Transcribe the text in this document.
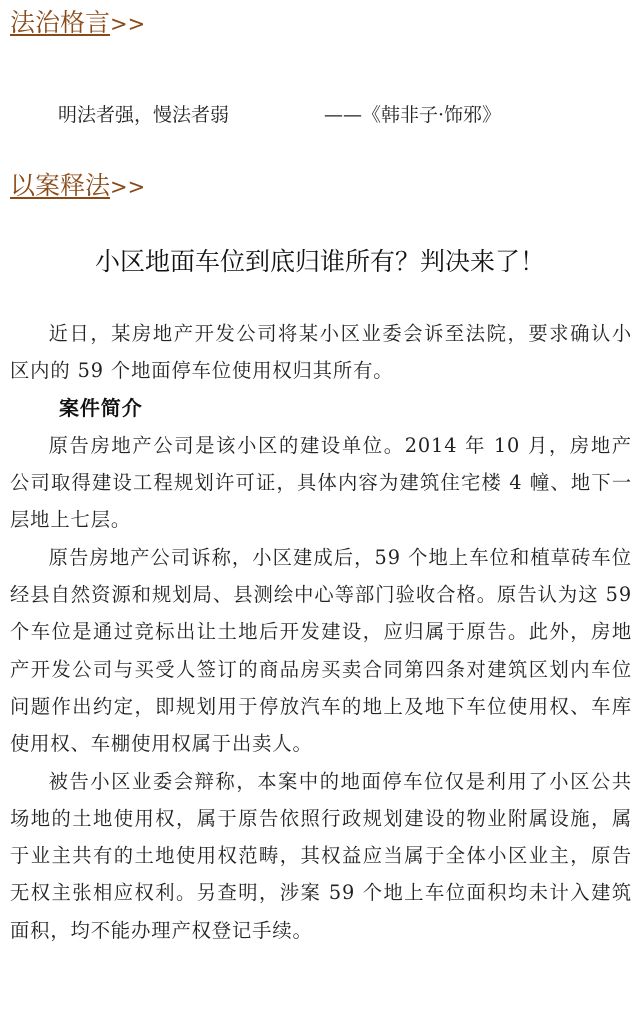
法治格言>>
明法者强，慢法者弱	——《韩非子·饰邪》
以案释法>>
小区地面车位到底归谁所有？判决来了！

近日，某房地产开发公司将某小区业委会诉至法院，要求确认小区内的 59 个地面停车位使用权归其所有。

案件简介

原告房地产公司是该小区的建设单位。2014 年 10 月，房地产公司取得建设工程规划许可证，具体内容为建筑住宅楼 4 幢、地下一层地上七层。

原告房地产公司诉称，小区建成后，59 个地上车位和植草砖车位经县自然资源和规划局、县测绘中心等部门验收合格。原告认为这 59 个车位是通过竞标出让土地后开发建设，应归属于原告。此外，房地产开发公司与买受人签订的商品房买卖合同第四条对建筑区划内车位问题作出约定，即规划用于停放汽车的地上及地下车位使用权、车库使用权、车棚使用权属于出卖人。

被告小区业委会辩称，本案中的地面停车位仅是利用了小区公共场地的土地使用权，属于原告依照行政规划建设的物业附属设施，属于业主共有的土地使用权范畴，其权益应当属于全体小区业主，原告无权主张相应权利。另查明，涉案 59 个地上车位面积均未计入建筑面积，均不能办理产权登记手续。
